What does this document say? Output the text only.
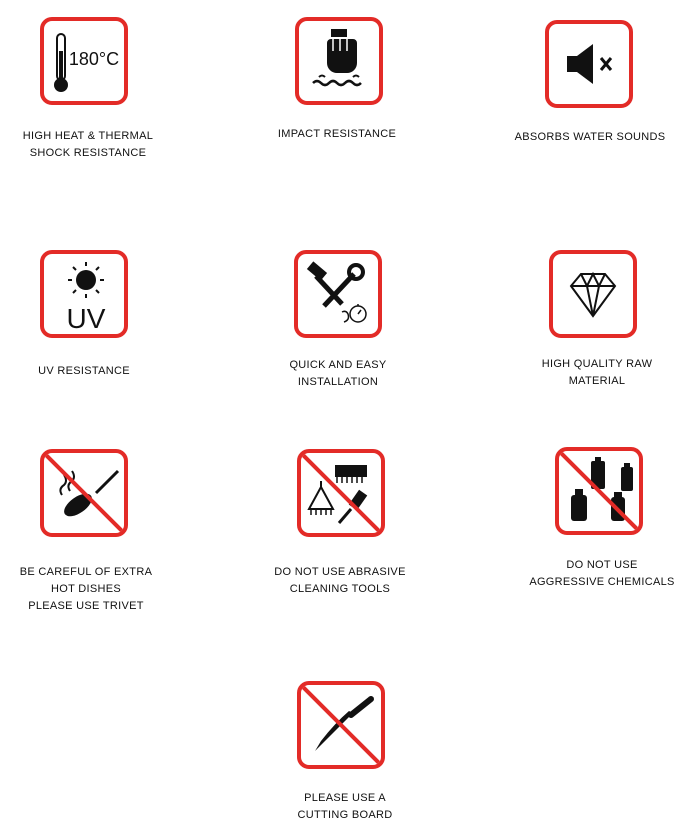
180°C
HIGH HEAT & THERMAL
SHOCK RESISTANCE
IMPACT RESISTANCE	ABSORBS WATER SOUNDS
UV
UV RESISTANCE	QUICK AND EASY
INSTALLATION
HIGH QUALITY RAW
MATERIAL
BE CAREFUL OF EXTRA
HOT DISHES
PLEASE USE TRIVET
DO NOT USE ABRASIVE
CLEANING TOOLS
DO NOT USE
AGGRESSIVE CHEMICALS
PLEASE USE A
CUTTING BOARD
